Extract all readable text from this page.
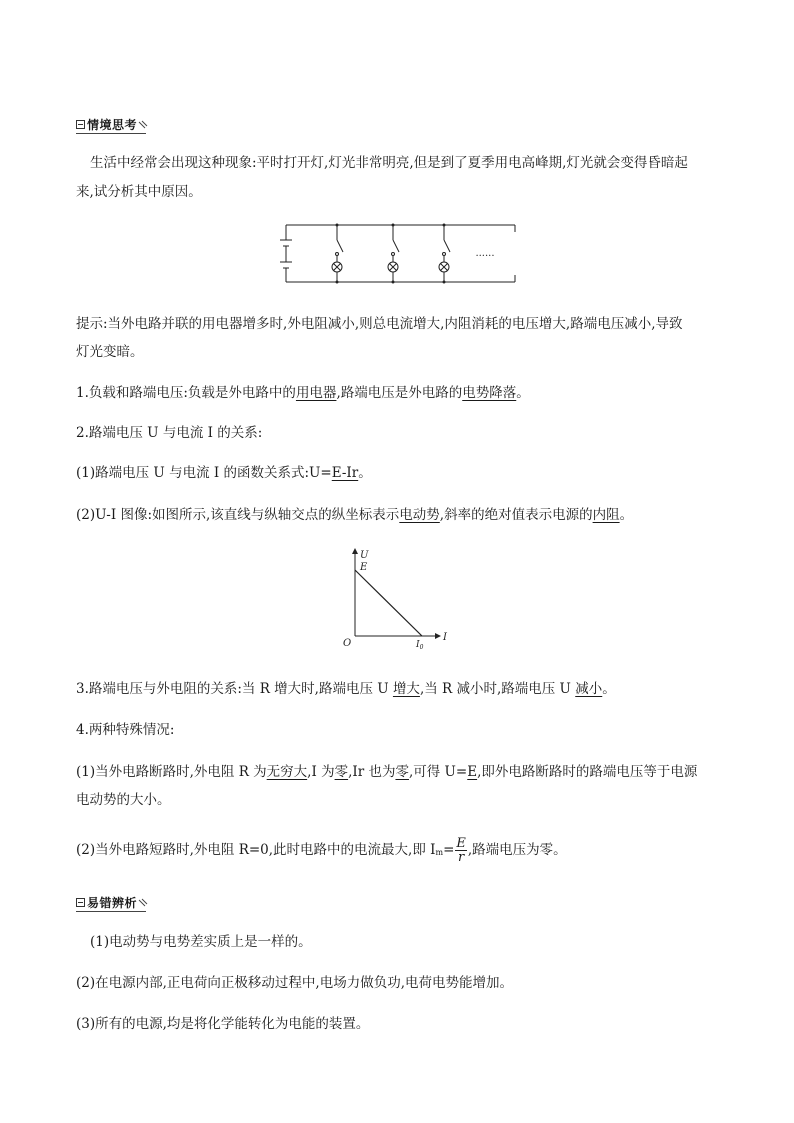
情境思考
生活中经常会出现这种现象:平时打开灯,灯光非常明亮,但是到了夏季用电高峰期,灯光就会变得昏暗起
来,试分析其中原因。
......
提示:当外电路并联的用电器增多时,外电阻减小,则总电流增大,内阻消耗的电压增大,路端电压减小,导致
灯光变暗。
1.负载和路端电压:负载是外电路中的用电器,路端电压是外电路的电势降落。
2.路端电压 U 与电流 I 的关系:
(1)路端电压 U 与电流 I 的函数关系式:U=E-Ir。
(2)U-I 图像:如图所示,该直线与纵轴交点的纵坐标表示电动势,斜率的绝对值表示电源的内阻。
U
E
O
I
$I_0$
3.路端电压与外电阻的关系:当 R 增大时,路端电压 U 增大,当 R 减小时,路端电压 U 减小。
4.两种特殊情况:
(1)当外电路断路时,外电阻 R 为无穷大,I 为零,Ir 也为零,可得 U=E,即外电路断路时的路端电压等于电源
电动势的大小。
(2)当外电路短路时,外电阻 R=0,此时电路中的电流最大,即 $I_m = \frac{E}{r}$ ,路端电压为零。
易错辨析
(1)电动势与电势差实质上是一样的。
(2)在电源内部,正电荷向正极移动过程中,电场力做负功,电荷电势能增加。
(3)所有的电源,均是将化学能转化为电能的装置。
